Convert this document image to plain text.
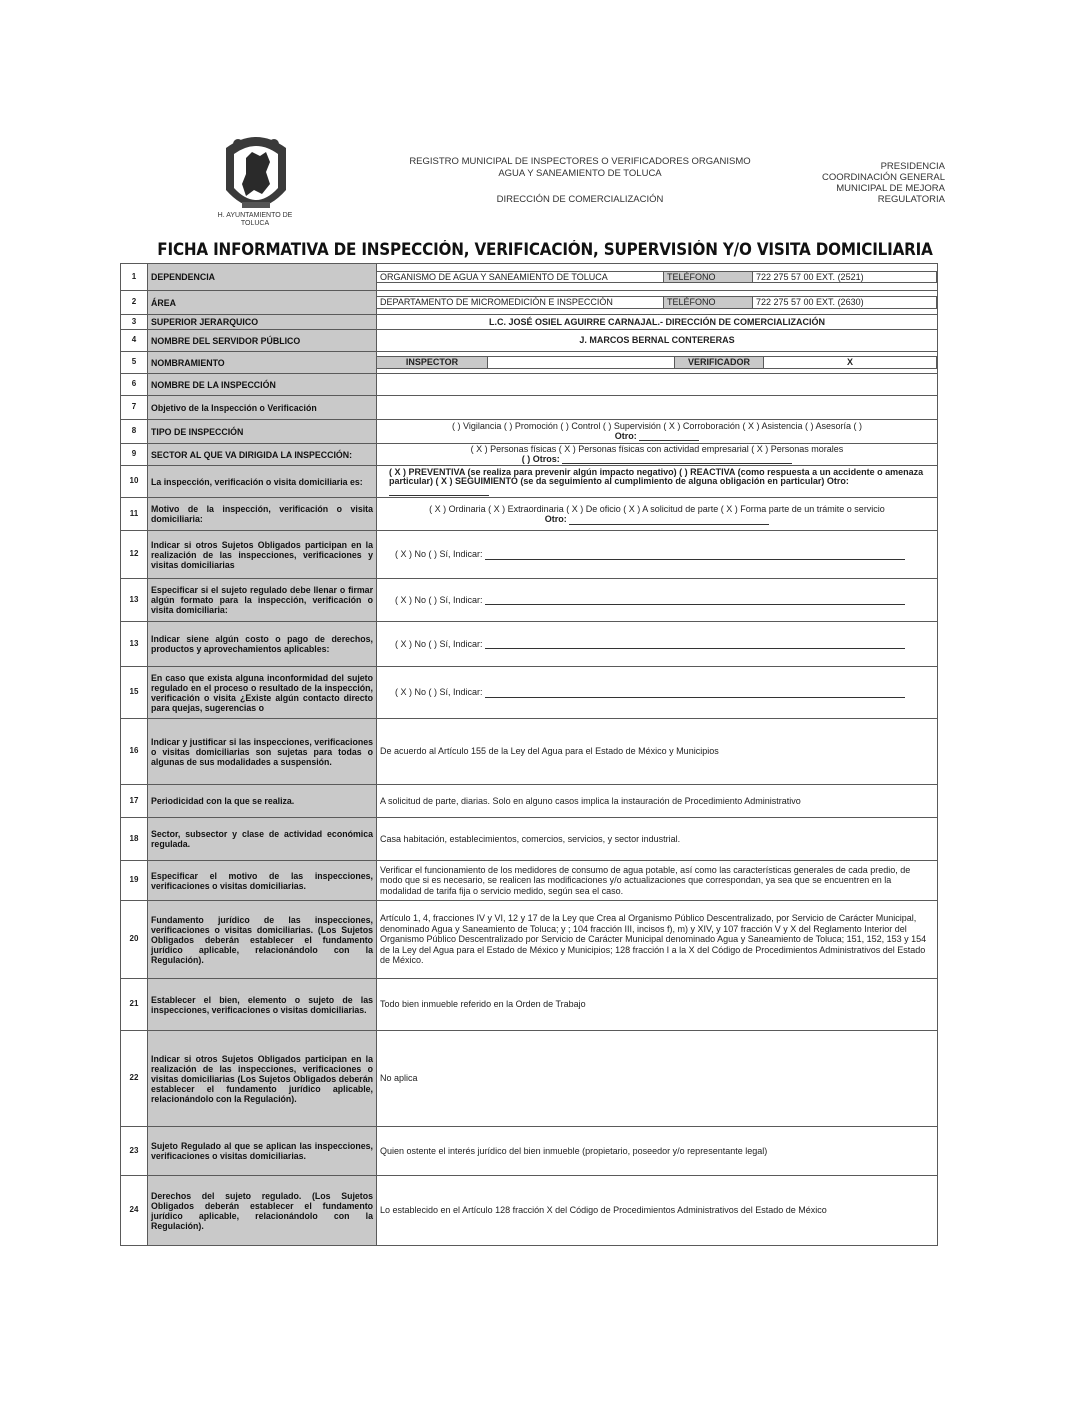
H. AYUNTAMIENTO DE TOLUCA
REGISTRO MUNICIPAL DE INSPECTORES O VERIFICADORES ORGANISMO
AGUA Y SANEAMIENTO DE TOLUCA
DIRECCIÓN DE COMERCIALIZACIÓN
PRESIDENCIA
COORDINACIÓN GENERAL
MUNICIPAL DE MEJORA
REGULATORIA
FICHA INFORMATIVA DE INSPECCIÓN, VERIFICACIÓN, SUPERVISIÓN Y/O VISITA DOMICILIARIA
1	DEPENDENCIA		ORGANISMO DE AGUA Y SANEAMIENTO DE TOLUCA	TELÉFONO	722 275 57 00 EXT. (2521)

2	ÁREA		DEPARTAMENTO DE MICROMEDICIÓN E INSPECCIÓN	TELÉFONO	722 275 57 00 EXT. (2630)

3	SUPERIOR JERARQUICO	L.C. JOSÉ OSIEL AGUIRRE CARNAJAL.- DIRECCIÓN DE COMERCIALIZACIÓN
4	NOMBRE DEL SERVIDOR PÚBLICO	J. MARCOS BERNAL CONTERERAS
5	NOMBRAMIENTO		INSPECTOR		VERIFICADOR	X

6	NOMBRE DE LA INSPECCIÓN	
7	Objetivo de la Inspección o Verificación	
8	TIPO DE INSPECCIÓN	( ) Vigilancia ( ) Promoción ( ) Control ( ) Supervisión ( X ) Corroboración ( X ) Asistencia ( ) Asesoría ( )
Otro:
9	SECTOR AL QUE VA DIRIGIDA LA INSPECCIÓN:	( X ) Personas físicas ( X ) Personas físicas con actividad empresarial ( X ) Personas morales
( ) Otros:
10	La inspección, verificación o visita domiciliaria es:	( X ) PREVENTIVA (se realiza para prevenir algún impacto negativo) ( ) REACTIVA (como respuesta a un accidente o amenaza particular) ( X ) SEGUIMIENTO (se da seguimiento al cumplimiento de alguna obligación en particular) Otro:
11	Motivo de la inspección, verificación o visita domiciliaria:	( X ) Ordinaria ( X ) Extraordinaria ( X ) De oficio ( X ) A solicitud de parte ( X ) Forma parte de un trámite o servicio
Otro:
12	Indicar si otros Sujetos Obligados participan en la realización de las inspecciones, verificaciones y visitas domiciliarias	( X ) No ( ) Sí, Indicar:
13	Especificar si el sujeto regulado debe llenar o firmar algún formato para la inspección, verificación o visita domiciliaria:	( X ) No ( ) Sí, Indicar:
13	Indicar siene algún costo o pago de derechos, productos y aprovechamientos aplicables:	( X ) No ( ) Sí, Indicar:
15	En caso que exista alguna inconformidad del sujeto regulado en el proceso o resultado de la inspección, verificación o visita ¿Existe algún contacto directo para quejas, sugerencias o	( X ) No ( ) Sí, Indicar:
16	Indicar y justificar si las inspecciones, verificaciones o visitas domiciliarias son sujetas para todas o algunas de sus modalidades a suspensión.	De acuerdo al Artículo 155 de la Ley del Agua para el Estado de México y Municipios
17	Periodicidad con la que se realiza.	A solicitud de parte, diarias. Solo en alguno casos implica la instauración de Procedimiento Administrativo
18	Sector, subsector y clase de actividad económica regulada.	Casa habitación, establecimientos, comercios, servicios, y sector industrial.
19	Especificar el motivo de las inspecciones, verificaciones o visitas domiciliarias.	Verificar el funcionamiento de los medidores de consumo de agua potable, así como las características generales de cada predio, de modo que si es necesario, se realicen las modificaciones y/o actualizaciones que correspondan, ya sea que se encuentren en la modalidad de tarifa fija o servicio medido, según sea el caso.
20	Fundamento jurídico de las inspecciones, verificaciones o visitas domiciliarias. (Los Sujetos Obligados deberán establecer el fundamento jurídico aplicable, relacionándolo con la Regulación).	Artículo 1, 4, fracciones IV y VI, 12 y 17 de la Ley que Crea al Organismo Público Descentralizado, por Servicio de Carácter Municipal, denominado Agua y Saneamiento de Toluca; y ; 104 fracción III, incisos f), m) y XIV, y 107 fracción V y X del Reglamento Interior del Organismo Público Descentralizado por Servicio de Carácter Municipal denominado Agua y Saneamiento de Toluca; 151, 152, 153 y 154 de la Ley del Agua para el Estado de México y Municipios; 128 fracción I a la X del Código de Procedimientos Administrativos del Estado de México.
21	Establecer el bien, elemento o sujeto de las inspecciones, verificaciones o visitas domiciliarias.	Todo bien inmueble referido en la Orden de Trabajo
22	Indicar si otros Sujetos Obligados participan en la realización de las inspecciones, verificaciones o visitas domiciliarias (Los Sujetos Obligados deberán establecer el fundamento jurídico aplicable, relacionándolo con la Regulación).	No aplica
23	Sujeto Regulado al que se aplican las inspecciones, verificaciones o visitas domiciliarias.	Quien ostente el interés jurídico del bien inmueble (propietario, poseedor y/o representante legal)
24	Derechos del sujeto regulado. (Los Sujetos Obligados deberán establecer el fundamento jurídico aplicable, relacionándolo con la Regulación).	Lo establecido en el Artículo 128 fracción X del Código de Procedimientos Administrativos del Estado de México
